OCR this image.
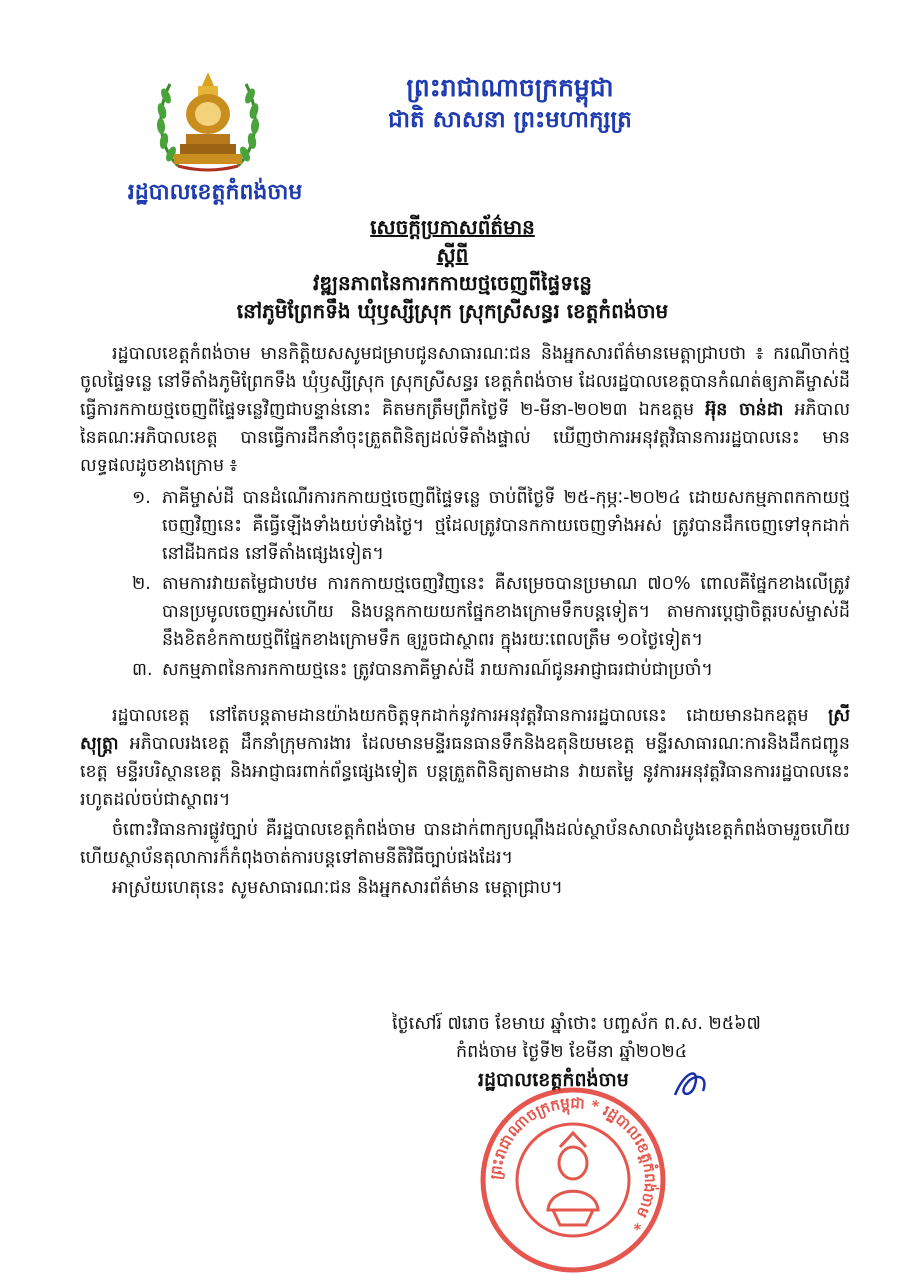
ព្រះរាជាណាចក្រកម្ពុជា
ជាតិ សាសនា ព្រះមហាក្សត្រ
រដ្ឋបាលខេត្តកំពង់ចាម
សេចក្តីប្រកាសព័ត៌មាន
ស្តីពី
វឌ្ឍនភាពនៃការកកាយថ្មចេញពីផ្ទៃទន្លេ
នៅភូមិព្រែកទឹង ឃុំឫស្សីស្រុក ស្រុកស្រីសន្ធរ ខេត្តកំពង់ចាម

រដ្ឋបាលខេត្តកំពង់ចាម មានកិត្តិយសសូមជម្រាបជូនសាធារណៈជន និងអ្នកសារព័ត៌មានមេត្តាជ្រាបថា ៖ ករណីចាក់ថ្មចូលផ្ទៃទន្លេ នៅទីតាំងភូមិព្រែកទឹង ឃុំឫស្សីស្រុក ស្រុកស្រីសន្ធរ ខេត្តកំពង់ចាម ដែលរដ្ឋបាលខេត្តបានកំណត់ឲ្យភាគីម្ចាស់ដី ធ្វើការកកាយថ្មចេញពីផ្ទៃទន្លេវិញជាបន្ទាន់នោះ គិតមកត្រឹមព្រឹកថ្ងៃទី ២-មីនា-២០២៣ ឯកឧត្តម អ៊ុន ចាន់ដា អភិបាល នៃគណៈអភិបាលខេត្ត បានធ្វើការដឹកនាំចុះត្រួតពិនិត្យដល់ទីតាំងផ្ទាល់ ឃើញថាការអនុវត្តវិធានការរដ្ឋបាលនេះ មានលទ្ធផលដូចខាងក្រោម ៖

១. ភាគីម្ចាស់ដី បានដំណើរការកកាយថ្មចេញពីផ្ទៃទន្លេ ចាប់ពីថ្ងៃទី ២៥-កុម្ភៈ-២០២៤ ដោយសកម្មភាពកកាយថ្មចេញវិញនេះ គឺធ្វើឡើងទាំងយប់ទាំងថ្ងៃ។ ថ្មដែលត្រូវបានកកាយចេញទាំងអស់ ត្រូវបានដឹកចេញទៅទុកដាក់នៅដីឯកជន នៅទីតាំងផ្សេងទៀត។
២. តាមការវាយតម្លៃជាបឋម ការកកាយថ្មចេញវិញនេះ គឺសម្រេចបានប្រមាណ ៧០% ពោលគឺផ្នែកខាងលើត្រូវបានប្រមូលចេញអស់ហើយ និងបន្តកកាយយកផ្នែកខាងក្រោមទឹកបន្តទៀត។ តាមការប្តេជ្ញាចិត្តរបស់ម្ចាស់ដី នឹងខិតខំកកាយថ្មពីផ្នែកខាងក្រោមទឹក ឲ្យរួចជាស្ថាពរ ក្នុងរយៈពេលត្រឹម ១០ថ្ងៃទៀត។
៣. សកម្មភាពនៃការកកាយថ្មនេះ ត្រូវបានភាគីម្ចាស់ដី រាយការណ៍ជូនអាជ្ញាធរជាប់ជាប្រចាំ។

រដ្ឋបាលខេត្ត នៅតែបន្តតាមដានយ៉ាងយកចិត្តទុកដាក់នូវការអនុវត្តវិធានការរដ្ឋបាលនេះ ដោយមានឯកឧត្តម ស្រី សុត្ត្រា អភិបាលរងខេត្ត ដឹកនាំក្រុមការងារ ដែលមានមន្ទីរធនធានទឹកនិងឧតុនិយមខេត្ត មន្ទីរសាធារណៈការនិងដឹកជញ្ជូនខេត្ត មន្ទីរបរិស្ថានខេត្ត និងអាជ្ញាធរពាក់ព័ន្ធផ្សេងទៀត បន្តត្រួតពិនិត្យតាមដាន វាយតម្លៃ នូវការអនុវត្តវិធានការរដ្ឋបាលនេះរហូតដល់ចប់ជាស្ថាពរ។

ចំពោះវិធានការផ្លូវច្បាប់ គឺរដ្ឋបាលខេត្តកំពង់ចាម បានដាក់ពាក្យបណ្តឹងដល់ស្ថាប័នសាលាដំបូងខេត្តកំពង់ចាមរួចហើយ ហើយស្ថាប័នតុលាការក៏កំពុងចាត់ការបន្តទៅតាមនីតិវិធីច្បាប់ផងដែរ។

អាស្រ័យហេតុនេះ សូមសាធារណៈជន និងអ្នកសារព័ត៌មាន មេត្តាជ្រាប។

ថ្ងៃសៅរ៍ ៧រោច ខែមាឃ ឆ្នាំថោះ បញ្ចស័ក ព.ស. ២៥៦៧
កំពង់ចាម ថ្ងៃទី២ ខែមីនា ឆ្នាំ២០២៤
រដ្ឋបាលខេត្តកំពង់ចាម
ព្រះរាជាណាចក្រកម្ពុជា * រដ្ឋបាលខេត្តកំពង់ចាម *
